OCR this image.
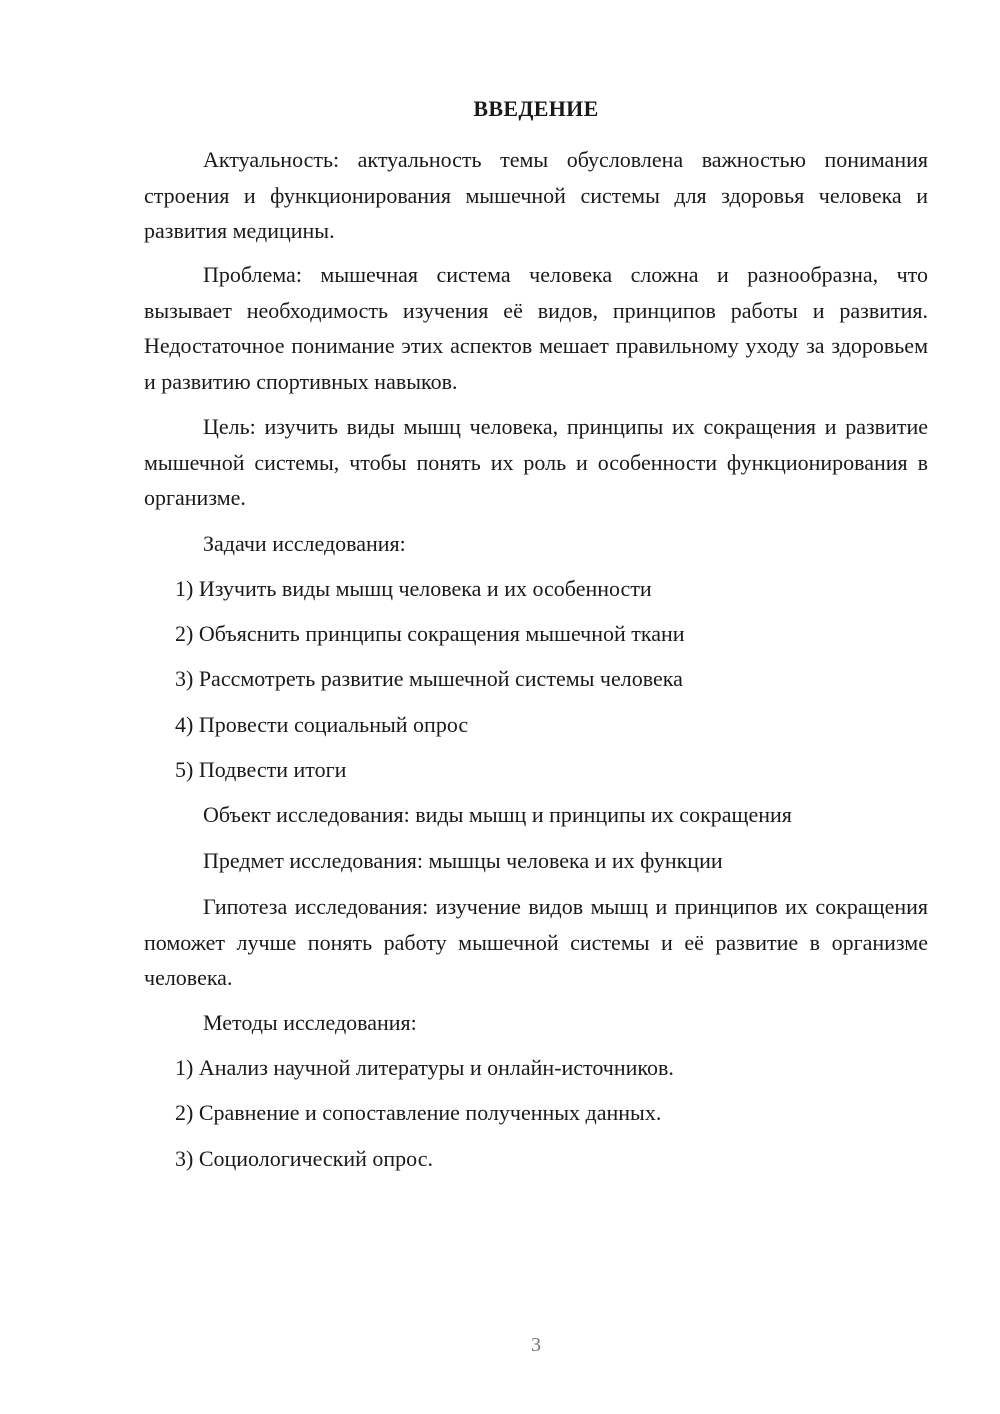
ВВЕДЕНИЕ

Актуальность: актуальность темы обусловлена важностью понимания строения и функционирования мышечной системы для здоровья человека и развития медицины.

Проблема: мышечная система человека сложна и разнообразна, что вызывает необходимость изучения её видов, принципов работы и развития. Недостаточное понимание этих аспектов мешает правильному уходу за здоровьем и развитию спортивных навыков.

Цель: изучить виды мышц человека, принципы их сокращения и развитие мышечной системы, чтобы понять их роль и особенности функционирования в организме.

Задачи исследования:
1) Изучить виды мышц человека и их особенности
2) Объяснить принципы сокращения мышечной ткани
3) Рассмотреть развитие мышечной системы человека
4) Провести социальный опрос
5) Подвести итоги
Объект исследования: виды мышц и принципы их сокращения
Предмет исследования: мышцы человека и их функции

Гипотеза исследования: изучение видов мышц и принципов их сокращения поможет лучше понять работу мышечной системы и её развитие в организме человека.

Методы исследования:
1) Анализ научной литературы и онлайн-источников.
2) Сравнение и сопоставление полученных данных.
3) Социологический опрос.
3
